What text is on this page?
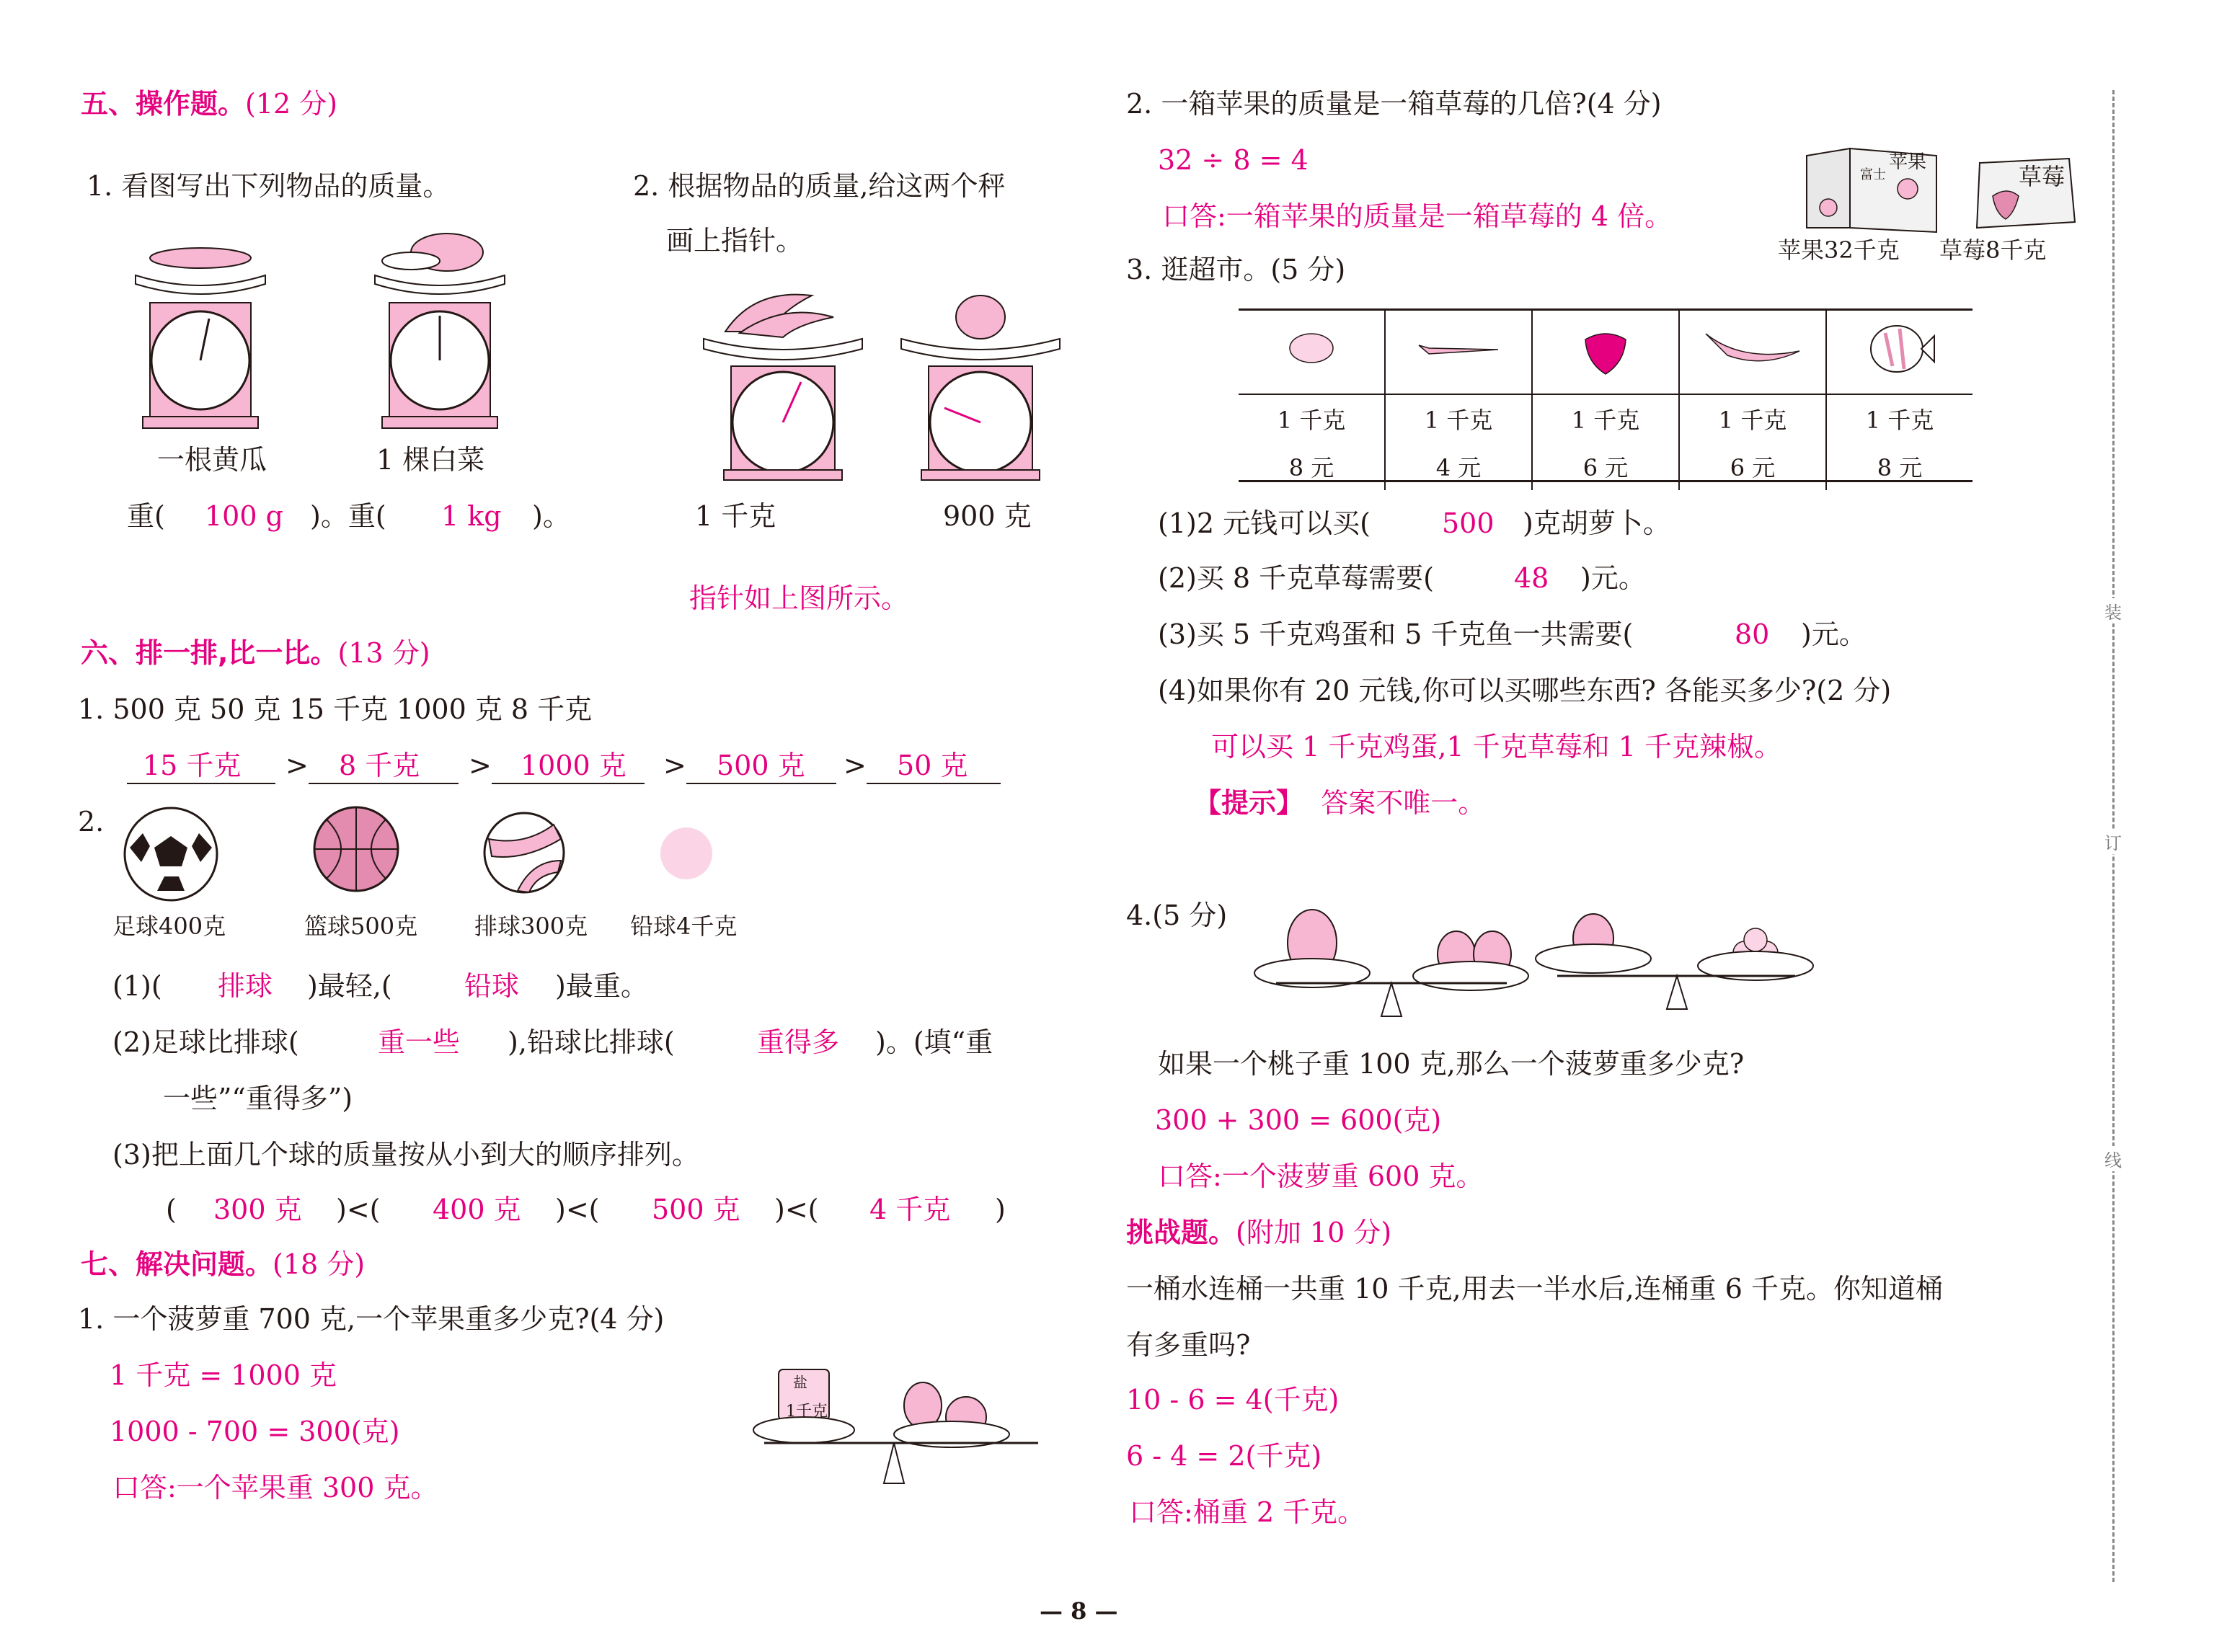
五、操作题。(12 分)
1. 看图写出下列物品的质量。	2. 根据物品的质量,给这两个秤
画上指针。
一根黄瓜	1 棵白菜
重( 100 g )。重( 1 kg )。	1 千克	900 克
指针如上图所示。
六、排一排,比一比。(13 分)
1. 500 克 50 克 15 千克 1000 克 8 千克
15 千克 > 8 千克 > 1000 克 > 500 克 > 50 克
2.
足球400克	篮球500克 排球300克 铅球4千克
(1)( 排球 )最轻,(	铅球 )最重。
(2)足球比排球(	重一些 ),铅球比排球(	重得多 )。(填“重
一些”“重得多”)
(3)把上面几个球的质量按从小到大的顺序排列。
( 300 克 )<( 400 克 )<( 500 克 )<( 4 千克 )
七、解决问题。(18 分)
1. 一个菠萝重 700 克,一个苹果重多少克?(4 分)
1 千克 = 1000 克
1000 - 700 = 300(克)
口答:一个苹果重 300 克。
1千克
盐
2. 一箱苹果的质量是一箱草莓的几倍?(4 分)
32 ÷ 8 = 4
口答:一箱苹果的质量是一箱草莓的 4 倍。
苹果
富士	草莓
苹果32千克 草莓8千克
3. 逛超市。(5 分)

1 千克	1 千克	1 千克	1 千克	1 千克
8 元	4 元	6 元	6 元	8 元
(1)2 元钱可以买(	500 )克胡萝卜。
(2)买 8 千克草莓需要(	48 )元。
(3)买 5 千克鸡蛋和 5 千克鱼一共需要(	80 )元。
(4)如果你有 20 元钱,你可以买哪些东西? 各能买多少?(2 分)
可以买 1 千克鸡蛋,1 千克草莓和 1 千克辣椒。
【提示】 答案不唯一。
4.(5 分)
如果一个桃子重 100 克,那么一个菠萝重多少克?
300 + 300 = 600(克)
口答:一个菠萝重 600 克。
挑战题。(附加 10 分)
一桶水连桶一共重 10 千克,用去一半水后,连桶重 6 千克。你知道桶
有多重吗?
10 - 6 = 4(千克)
6 - 4 = 2(千克)
口答:桶重 2 千克。
装
订
线
— 8 —
